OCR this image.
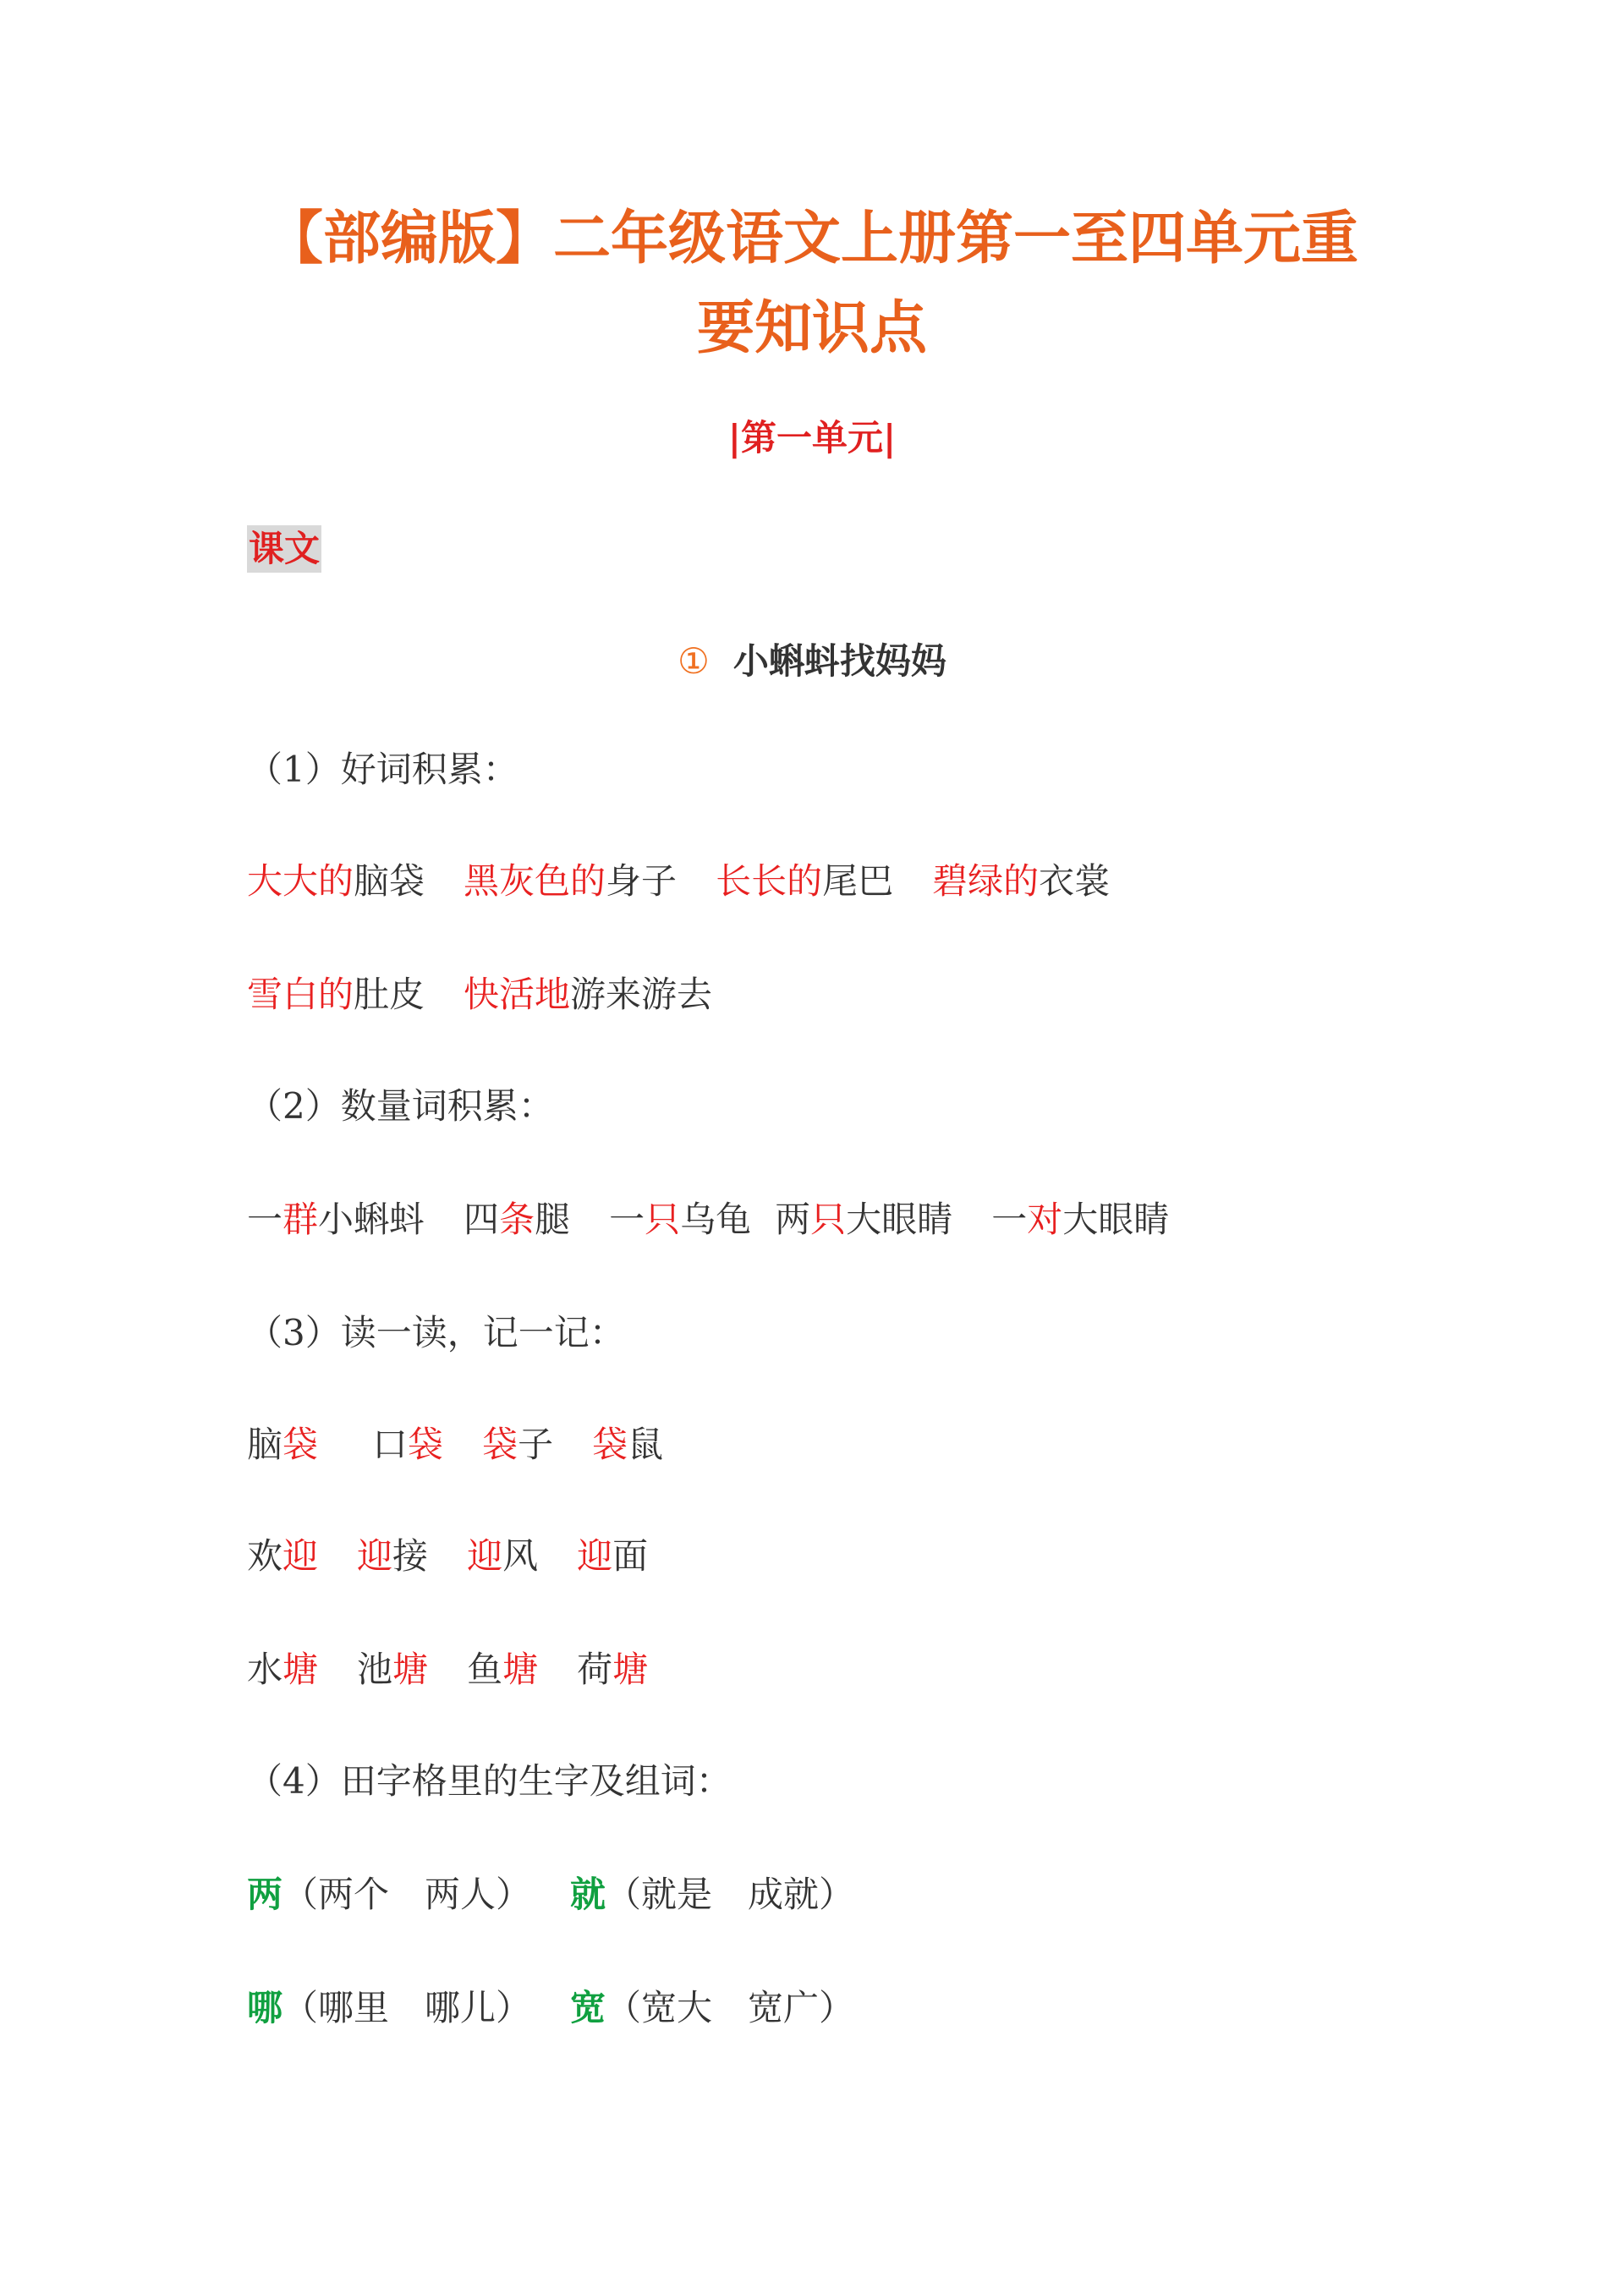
【部编版】二年级语文上册第一至四单元重
要知识点
|第一单元|
课文
① 小蝌蚪找妈妈
（1）好词积累：
大大的脑袋 黑灰色的身子 长长的尾巴 碧绿的衣裳
雪白的肚皮 快活地游来游去
（2）数量词积累：
一群小蝌蚪 四条腿 一只乌龟 两只大眼睛 一对大眼睛
（3）读一读，记一记：
脑袋 口袋 袋子 袋鼠
欢迎 迎接 迎风 迎面
水塘 池塘 鱼塘 荷塘
（4）田字格里的生字及组词：
两（两个　两人） 就（就是　成就）
哪（哪里　哪儿） 宽（宽大　宽广）
